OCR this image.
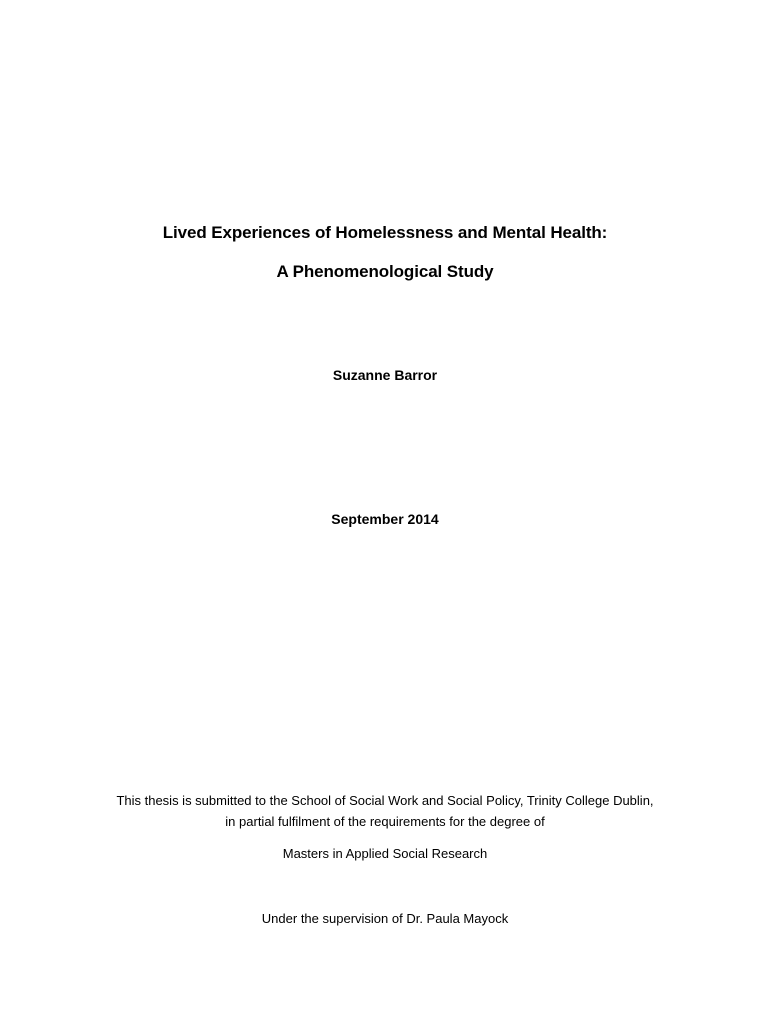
Lived Experiences of Homelessness and Mental Health:
A Phenomenological Study
Suzanne Barror
September 2014
This thesis is submitted to the School of Social Work and Social Policy, Trinity College Dublin,
in partial fulfilment of the requirements for the degree of
Masters in Applied Social Research
Under the supervision of Dr. Paula Mayock
